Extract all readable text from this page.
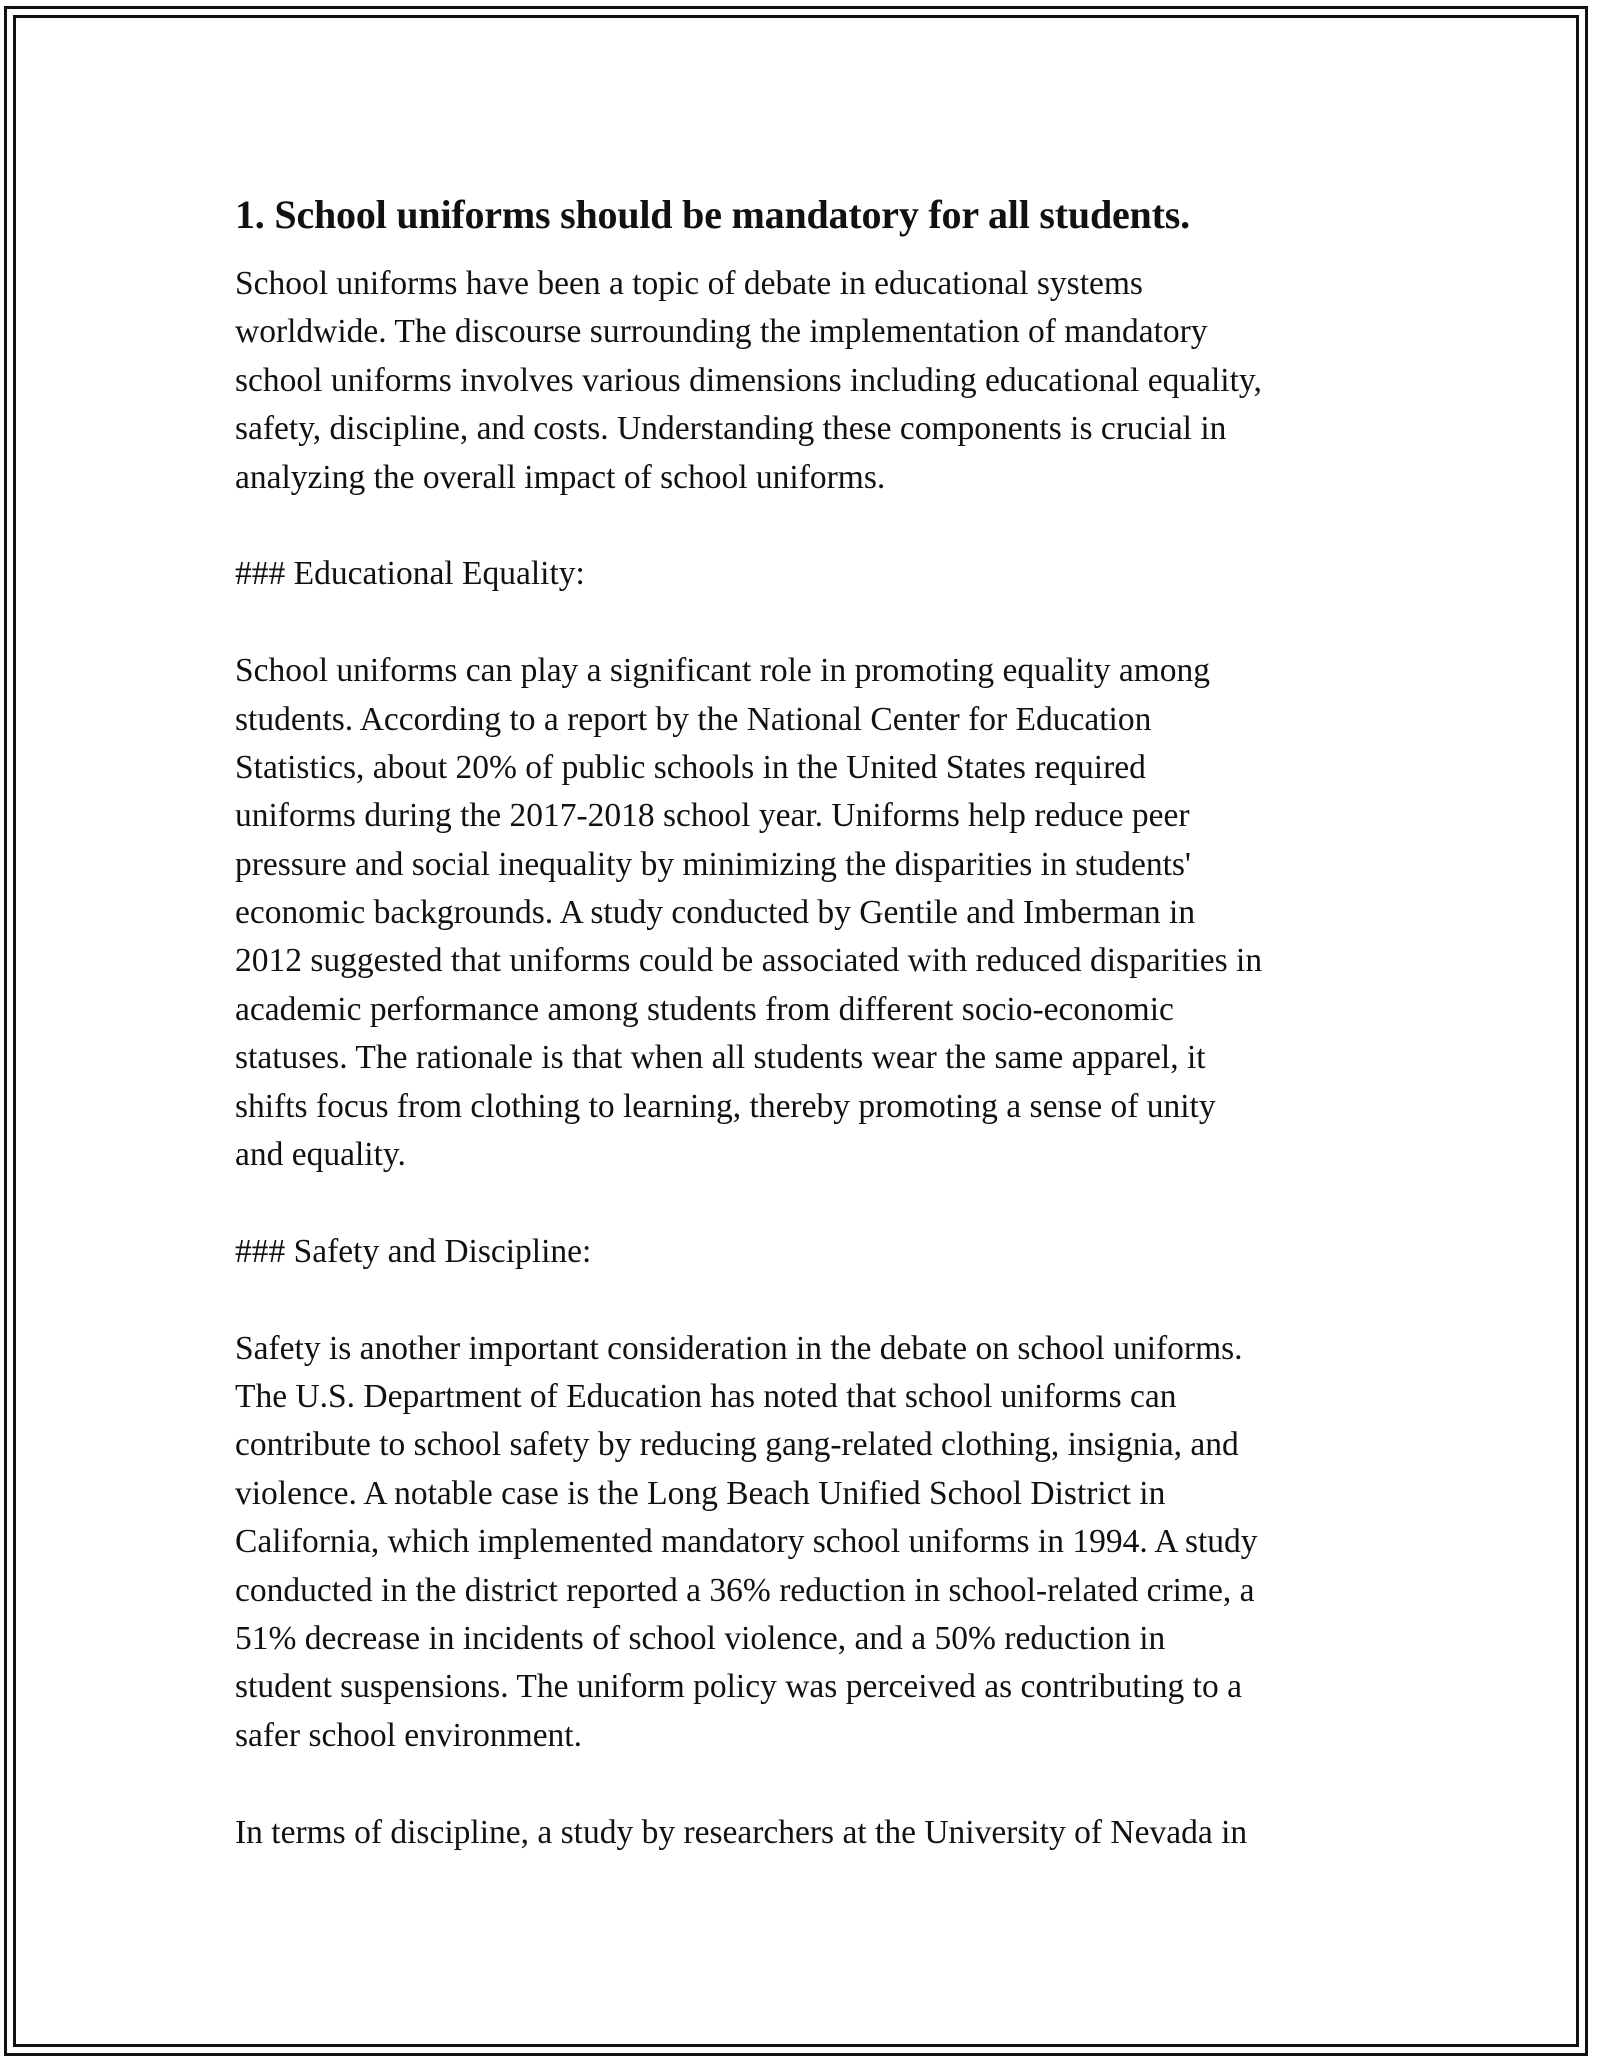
1. School uniforms should be mandatory for all students.
School uniforms have been a topic of debate in educational systems
worldwide. The discourse surrounding the implementation of mandatory
school uniforms involves various dimensions including educational equality,
safety, discipline, and costs. Understanding these components is crucial in
analyzing the overall impact of school uniforms.
### Educational Equality:
School uniforms can play a significant role in promoting equality among
students. According to a report by the National Center for Education
Statistics, about 20% of public schools in the United States required
uniforms during the 2017-2018 school year. Uniforms help reduce peer
pressure and social inequality by minimizing the disparities in students'
economic backgrounds. A study conducted by Gentile and Imberman in
2012 suggested that uniforms could be associated with reduced disparities in
academic performance among students from different socio-economic
statuses. The rationale is that when all students wear the same apparel, it
shifts focus from clothing to learning, thereby promoting a sense of unity
and equality.
### Safety and Discipline:
Safety is another important consideration in the debate on school uniforms.
The U.S. Department of Education has noted that school uniforms can
contribute to school safety by reducing gang-related clothing, insignia, and
violence. A notable case is the Long Beach Unified School District in
California, which implemented mandatory school uniforms in 1994. A study
conducted in the district reported a 36% reduction in school-related crime, a
51% decrease in incidents of school violence, and a 50% reduction in
student suspensions. The uniform policy was perceived as contributing to a
safer school environment.
In terms of discipline, a study by researchers at the University of Nevada in
